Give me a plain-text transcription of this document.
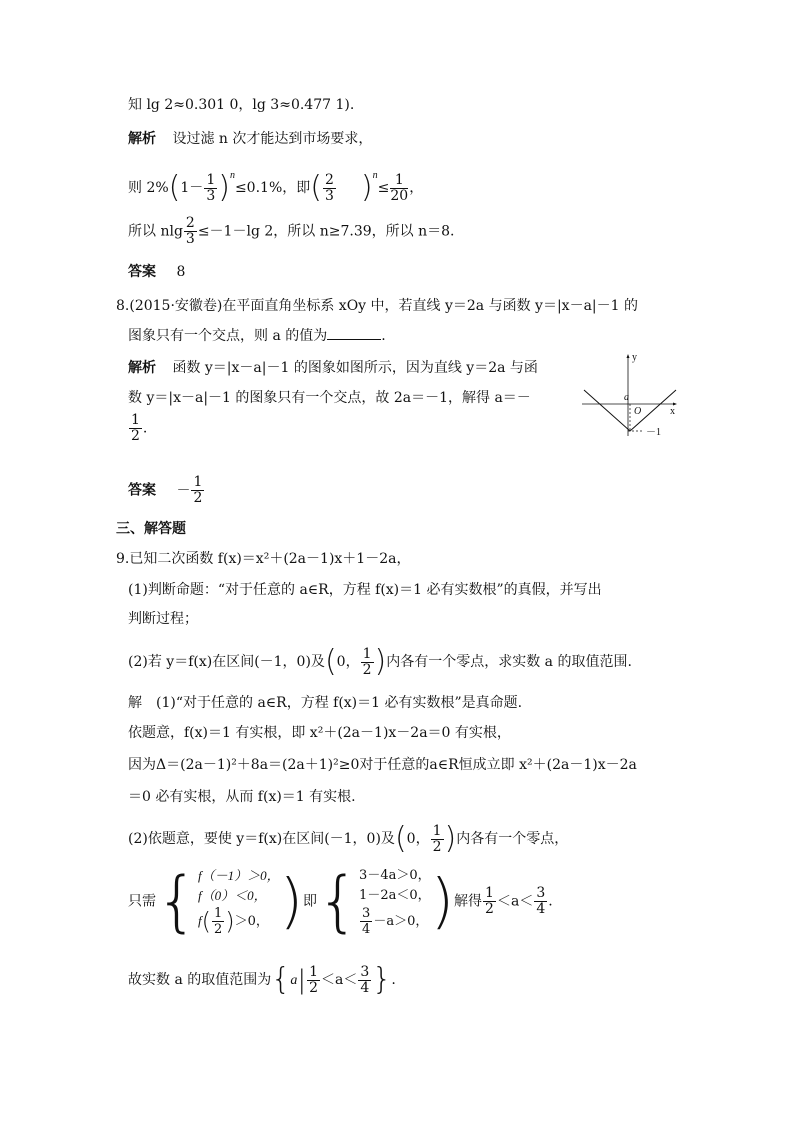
知 lg 2≈0.301 0，lg 3≈0.477 1).
解析 设过滤 n 次才能达到市场要求，
则 $2\%(1- \frac{1}{3} )^n\le 0.1\%$，即( $\frac{2}{3} )^n\le \frac{1}{20}$ ，
所以 nlg $\frac{2}{3} \le-1-\lg$ 2，所以 n≥7.39，所以 n＝8.
答案 8
8.(2015·安徽卷)在平面直角坐标系 xOy 中，若直线 y＝2a 与函数 y＝|x－a|－1 的
图象只有一个交点，则 a 的值为	.
解析 函数 y＝|x－a|－1 的图象如图所示，因为直线 y＝2a 与函
数 y＝|x－a|－1 的图象只有一个交点，故 2a＝－1，解得 a＝－
$\frac{1}{2}$ .
y
x
a
O
－1
答案 － $\frac{1}{2}$
三、解答题
9.已知二次函数 f(x)＝x²＋(2a－1)x＋1－2a，
(1)判断命题：“对于任意的 a∈R，方程 f(x)＝1 必有实数根”的真假，并写出
判断过程；
(2)若 y＝f(x)在区间(－1，0)及(0， $\frac{1}{2}$ )内各有一个零点，求实数 a 的取值范围.
解　(1)“对于任意的 a∈R，方程 f(x)＝1 必有实数根”是真命题.
依题意，f(x)＝1 有实根，即 x²＋(2a－1)x－2a＝0 有实根，
因为Δ＝(2a－1)²＋8a＝(2a＋1)²≥0对于任意的a∈R恒成立即 x²＋(2a－1)x－2a
＝0 必有实根，从而 f(x)＝1 有实根.
(2)依题意，要使 y＝f(x)在区间(－1，0)及(0， $\frac{1}{2}$ )内各有一个零点，
只需{ f（－1）＞0，
f（0）＜0，
$f( \frac{1}{2} )>0$， )即{ 3－4a＞0，
1－2a＜0，
$\frac{3}{4} -a>0$， )解得 $\frac{1}{2} <a< \frac{3}{4}$ .
故实数 a 的取值范围为{$a| \frac{1}{2} <a< \frac{3}{4}$ }.
